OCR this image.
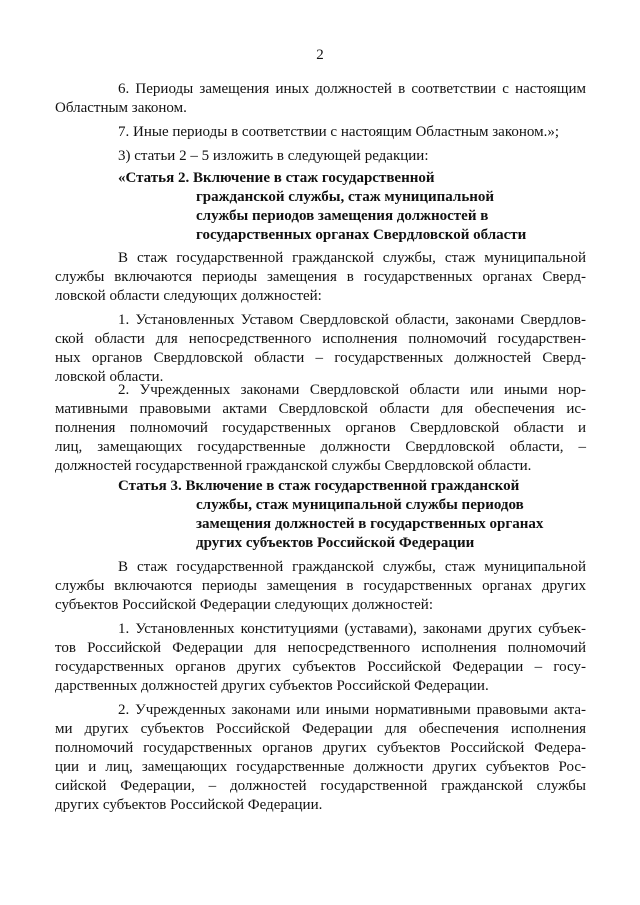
2
6. Периоды замещения иных должностей в соответствии с настоящим
Областным законом.
7. Иные периоды в соответствии с настоящим Областным законом.»;
3) статьи 2 – 5 изложить в следующей редакции:
«Статья 2. Включение в стаж государственной
гражданской службы, стаж муниципальной
службы периодов замещения должностей в
государственных органах Свердловской области
В стаж государственной гражданской службы, стаж муниципальной
службы включаются периоды замещения в государственных органах Сверд-
ловской области следующих должностей:
1. Установленных Уставом Свердловской области, законами Свердлов-
ской области для непосредственного исполнения полномочий государствен-
ных органов Свердловской области – государственных должностей Сверд-
ловской области.
2. Учрежденных законами Свердловской области или иными нор-
мативными правовыми актами Свердловской области для обеспечения ис-
полнения полномочий государственных органов Свердловской области и
лиц, замещающих государственные должности Свердловской области, –
должностей государственной гражданской службы Свердловской области.
Статья 3. Включение в стаж государственной гражданской
службы, стаж муниципальной службы периодов
замещения должностей в государственных органах
других субъектов Российской Федерации
В стаж государственной гражданской службы, стаж муниципальной
службы включаются периоды замещения в государственных органах других
субъектов Российской Федерации следующих должностей:
1. Установленных конституциями (уставами), законами других субъек-
тов Российской Федерации для непосредственного исполнения полномочий
государственных органов других субъектов Российской Федерации – госу-
дарственных должностей других субъектов Российской Федерации.
2. Учрежденных законами или иными нормативными правовыми акта-
ми других субъектов Российской Федерации для обеспечения исполнения
полномочий государственных органов других субъектов Российской Федера-
ции и лиц, замещающих государственные должности других субъектов Рос-
сийской Федерации, – должностей государственной гражданской службы
других субъектов Российской Федерации.
